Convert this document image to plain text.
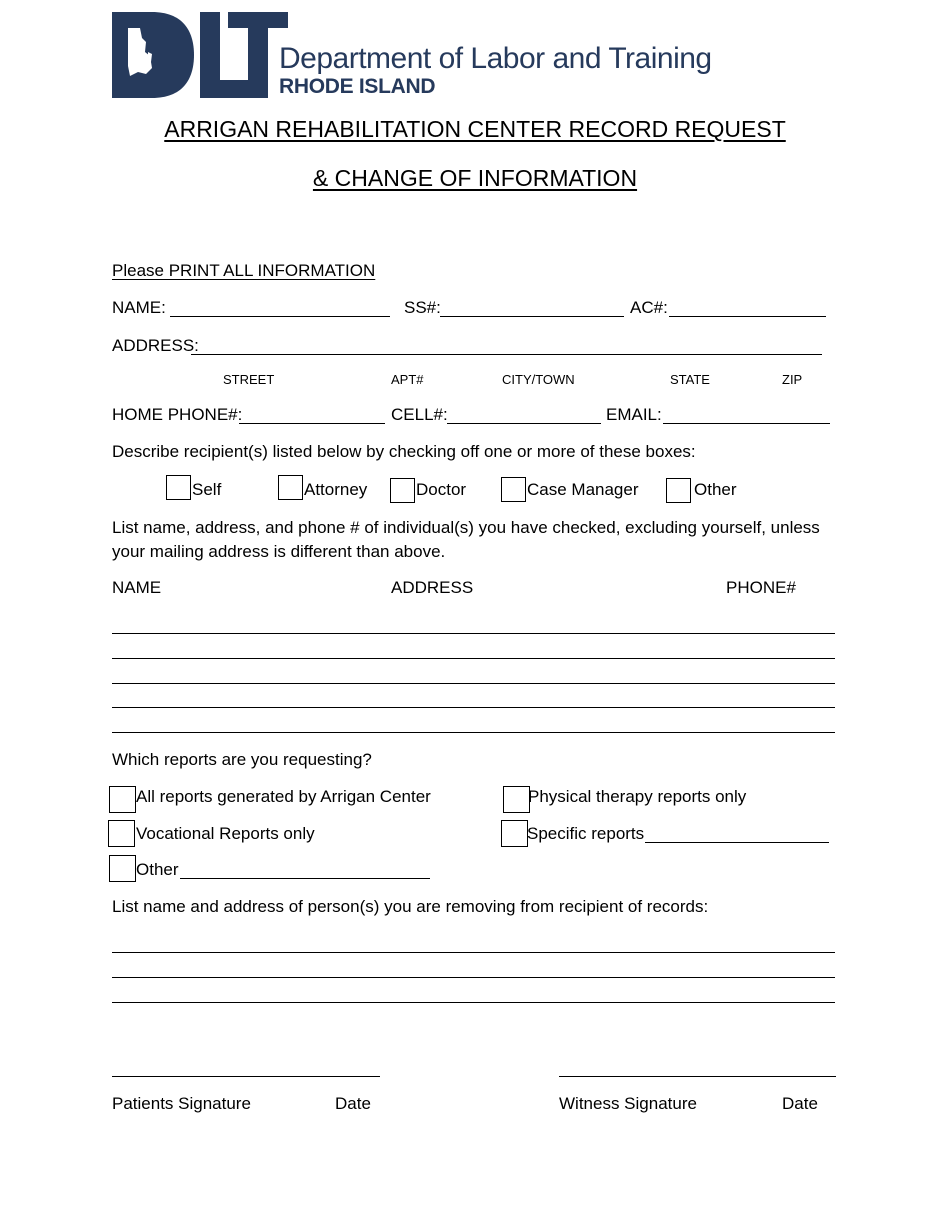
Department of Labor and Training
RHODE ISLAND
ARRIGAN REHABILITATION CENTER RECORD REQUEST
& CHANGE OF INFORMATION
Please PRINT ALL INFORMATION
NAME:	SS#:	AC#:
ADDRESS:
STREET	APT#	CITY/TOWN	STATE	ZIP
HOME PHONE#:	CELL#:	EMAIL:
Describe recipient(s) listed below by checking off one or more of these boxes:
Self	Attorney	Doctor	Case Manager	Other
List name, address, and phone # of individual(s) you have checked, excluding yourself, unless your mailing address is different than above.
NAME	ADDRESS	PHONE#
Which reports are you requesting?
All reports generated by Arrigan Center	Physical therapy reports only
Vocational Reports only	Specific reports
Other
List name and address of person(s) you are removing from recipient of records:
Patients Signature	Date	Witness Signature	Date
